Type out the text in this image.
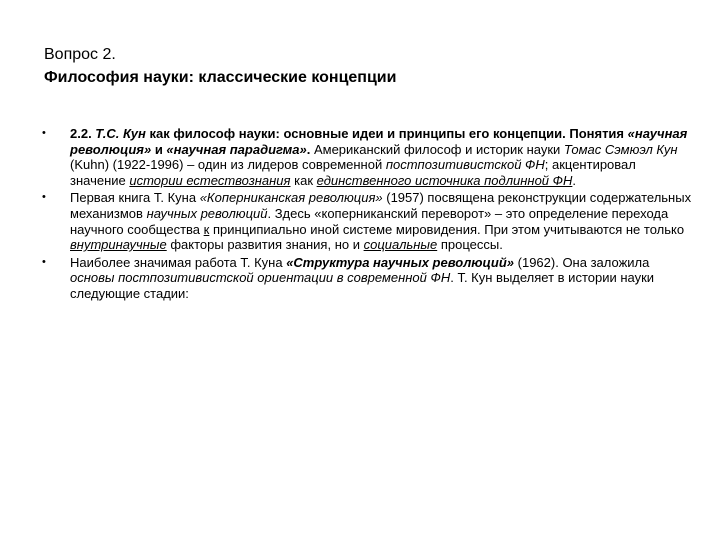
Вопрос 2.
Философия науки: классические концепции
• 2.2. Т.С. Кун как философ науки: основные идеи и принципы его концепции. Понятия «научная революция» и «научная парадигма». Американский философ и историк науки Томас Сэмюэл Кун (Kuhn) (1922-1996) – один из лидеров современной постпозитивистской ФН; акцентировал значение истории естествознания как единственного источника подлинной ФН.
• Первая книга Т. Куна «Коперниканская революция» (1957) посвящена реконструкции содержательных механизмов научных революций. Здесь «коперниканский переворот» – это определение перехода научного сообщества к принципиально иной системе мировидения. При этом учитываются не только внутринаучные факторы развития знания, но и социальные процессы.
• Наиболее значимая работа Т. Куна «Структура научных революций» (1962). Она заложила основы постпозитивистской ориентации в современной ФН. Т. Кун выделяет в истории науки следующие стадии:
